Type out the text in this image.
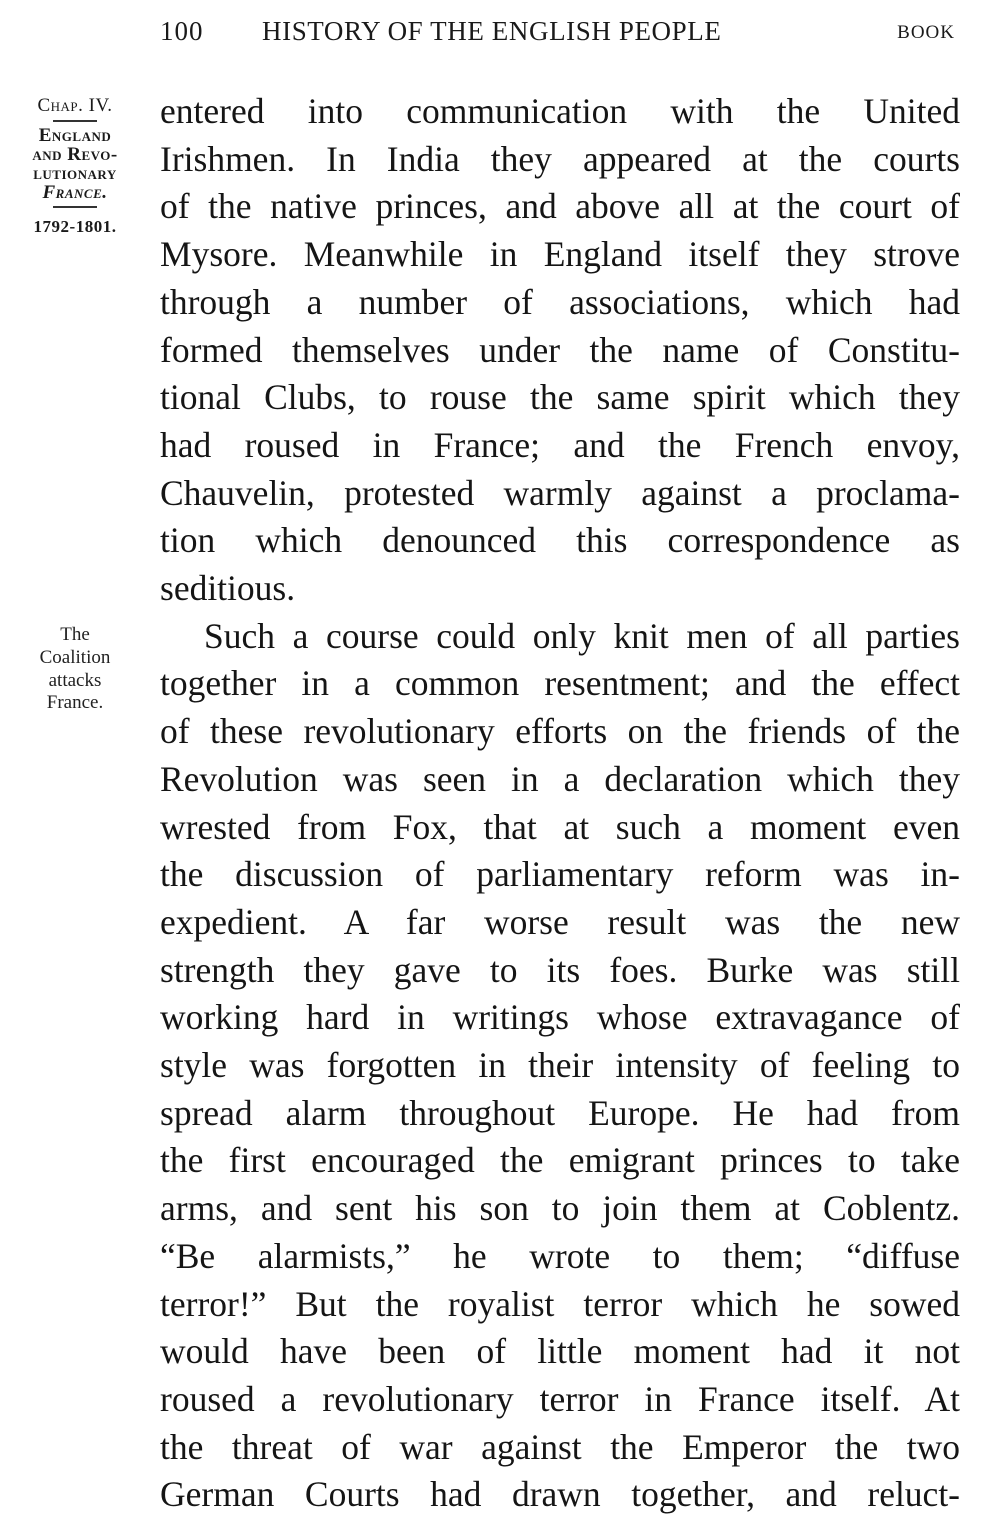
100 HISTORY OF THE ENGLISH PEOPLE	BOOK
Chap. IV.
England
and Revo-
lutionary
France.
1792-1801.
The
Coalition
attacks
France.
entered into communication with the United
Irishmen. In India they appeared at the courts
of the native princes, and above all at the court of
Mysore. Meanwhile in England itself they strove
through a number of associations, which had
formed themselves under the name of Constitu-
tional Clubs, to rouse the same spirit which they
had roused in France; and the French envoy,
Chauvelin, protested warmly against a proclama-
tion which denounced this correspondence as
seditious.
Such a course could only knit men of all parties
together in a common resentment; and the effect
of these revolutionary efforts on the friends of the
Revolution was seen in a declaration which they
wrested from Fox, that at such a moment even
the discussion of parliamentary reform was in-
expedient. A far worse result was the new
strength they gave to its foes. Burke was still
working hard in writings whose extravagance of
style was forgotten in their intensity of feeling to
spread alarm throughout Europe. He had from
the first encouraged the emigrant princes to take
arms, and sent his son to join them at Coblentz.
“Be alarmists,” he wrote to them; “diffuse
terror!” But the royalist terror which he sowed
would have been of little moment had it not
roused a revolutionary terror in France itself. At
the threat of war against the Emperor the two
German Courts had drawn together, and reluct-
